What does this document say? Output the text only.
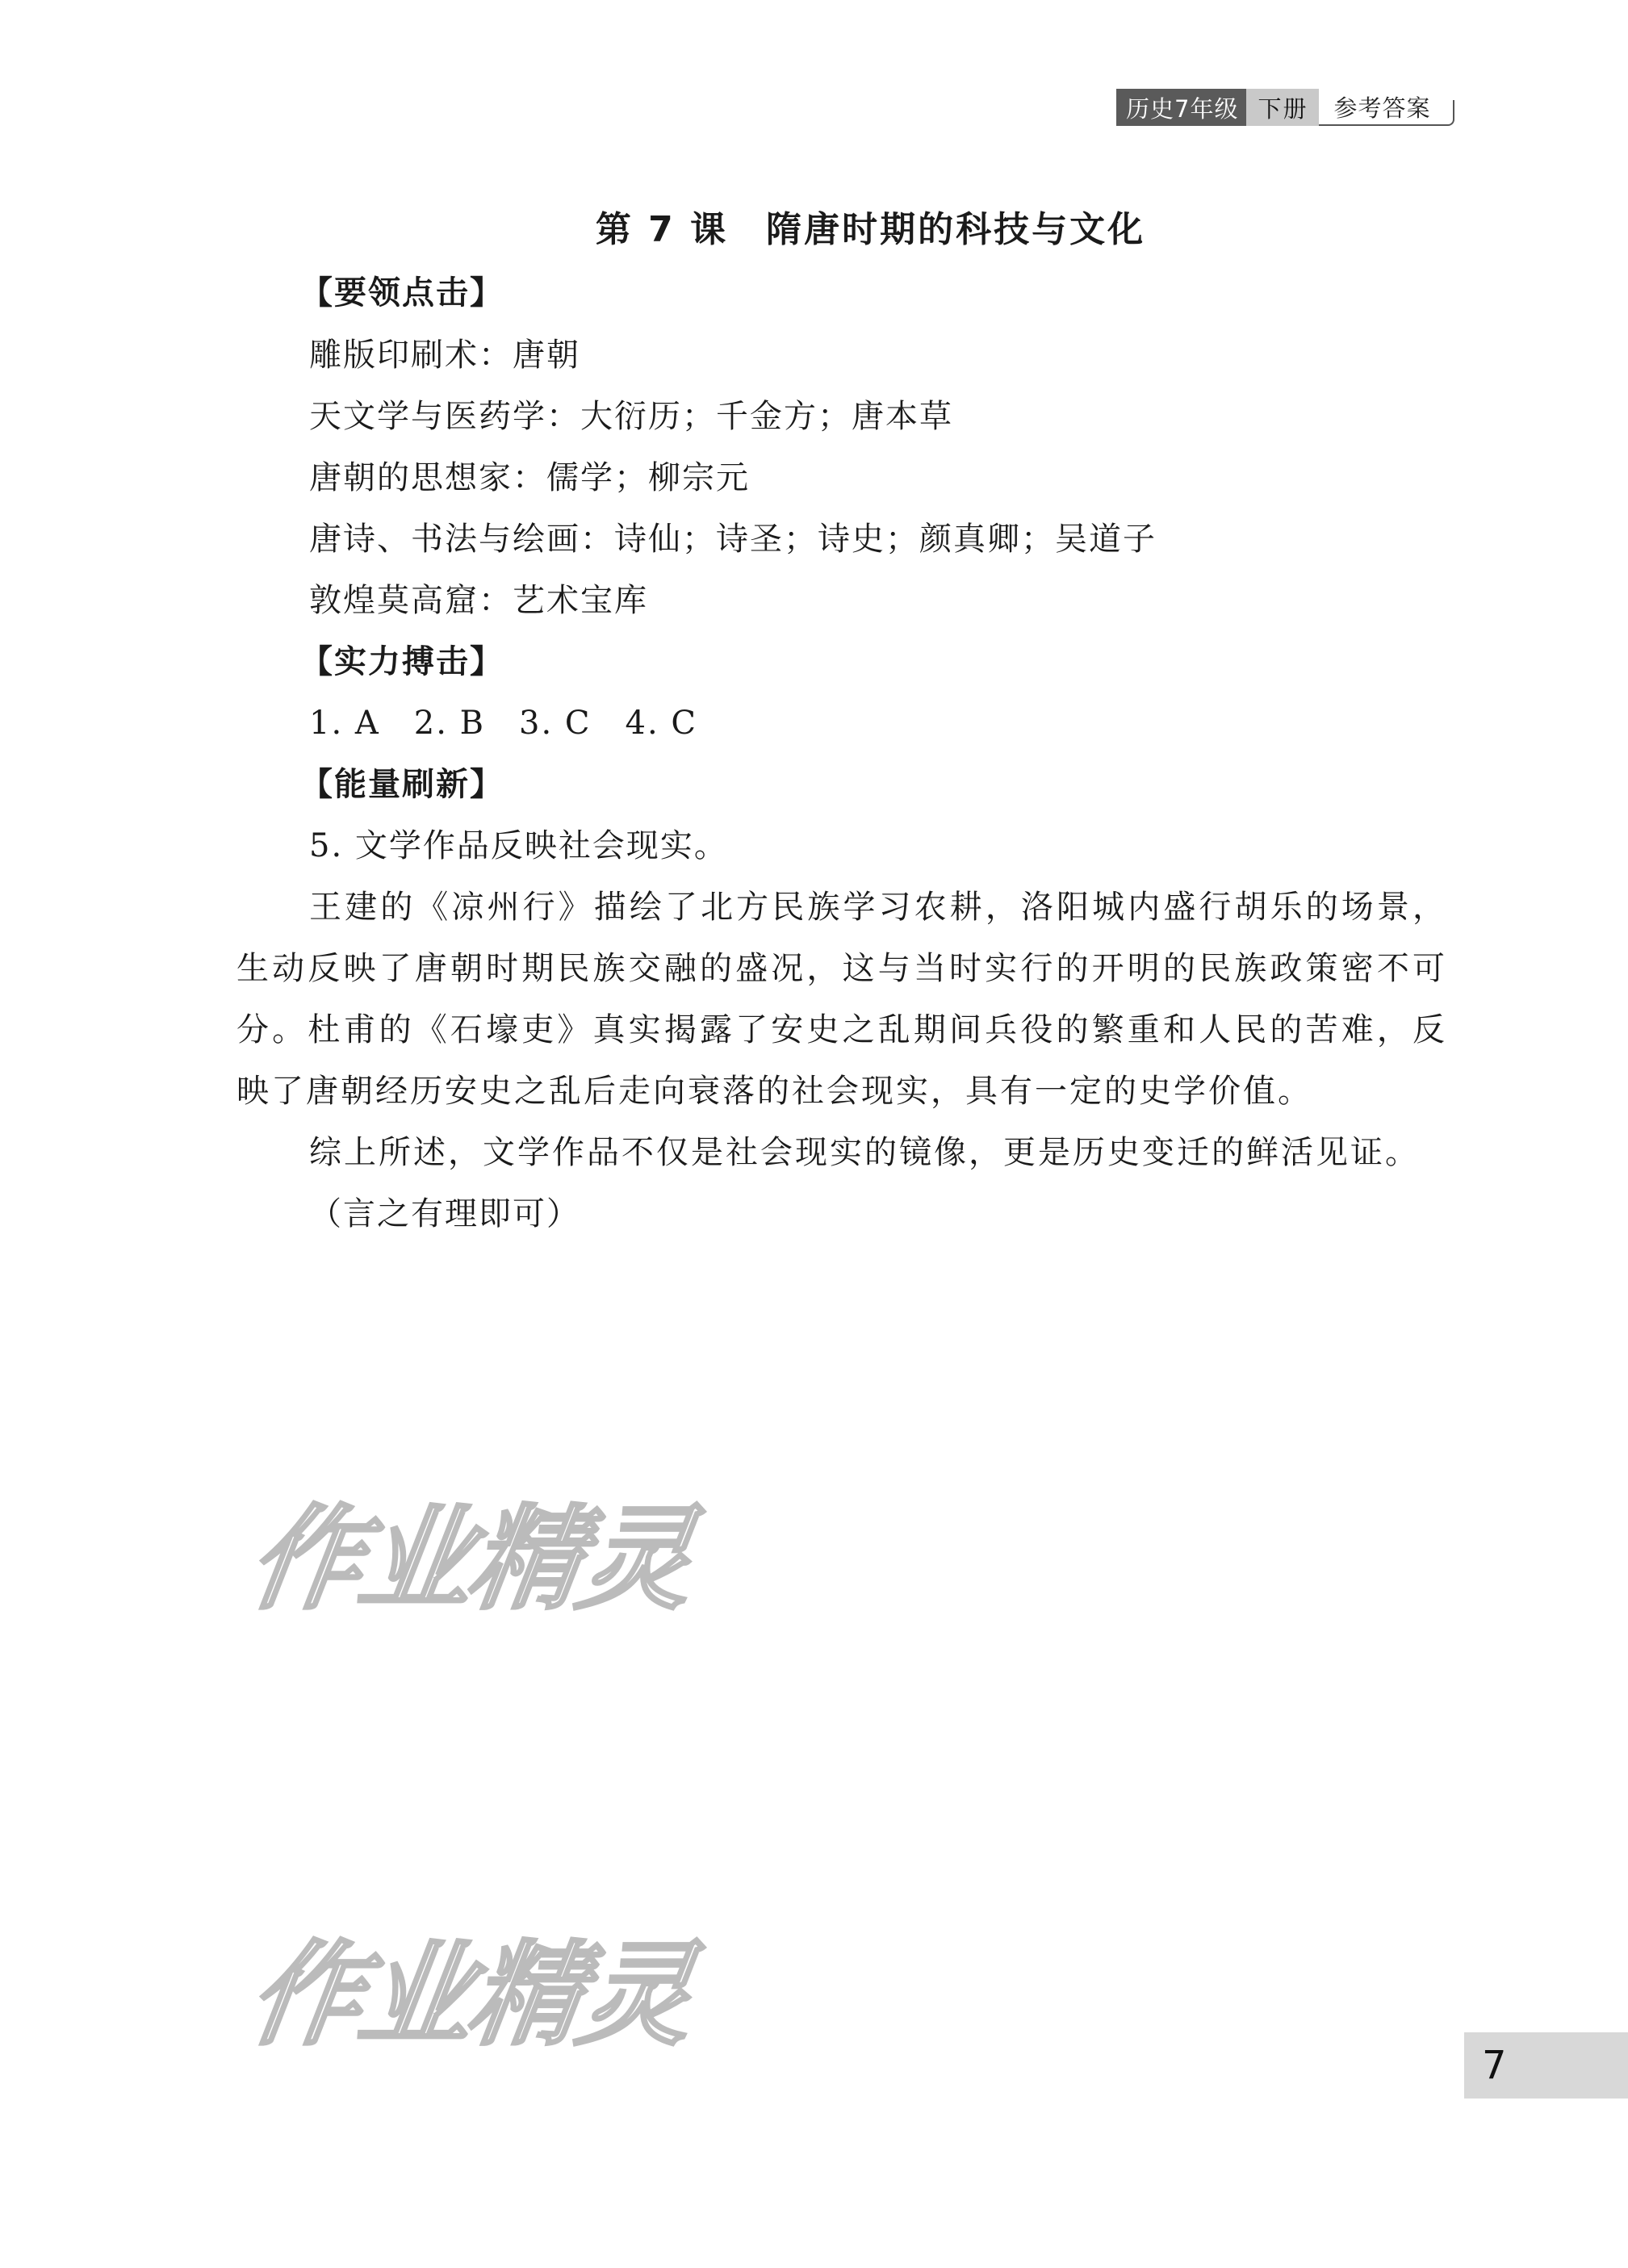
历史7年级 下册	参考答案
第 7 课　隋唐时期的科技与文化
【要领点击】
雕版印刷术：唐朝
天文学与医药学：大衍历；千金方；唐本草
唐朝的思想家：儒学；柳宗元
唐诗、书法与绘画：诗仙；诗圣；诗史；颜真卿；吴道子
敦煌莫高窟：艺术宝库
【实力搏击】
1. A　2. B　3. C　4. C
【能量刷新】
5. 文学作品反映社会现实。
王建的《凉州行》描绘了北方民族学习农耕，洛阳城内盛行胡乐的场景，生动反映了唐朝时期民族交融的盛况，这与当时实行的开明的民族政策密不可分。杜甫的《石壕吏》真实揭露了安史之乱期间兵役的繁重和人民的苦难，反映了唐朝经历安史之乱后走向衰落的社会现实，具有一定的史学价值。
综上所述，文学作品不仅是社会现实的镜像，更是历史变迁的鲜活见证。
（言之有理即可）
作业精灵
作业精灵
7
